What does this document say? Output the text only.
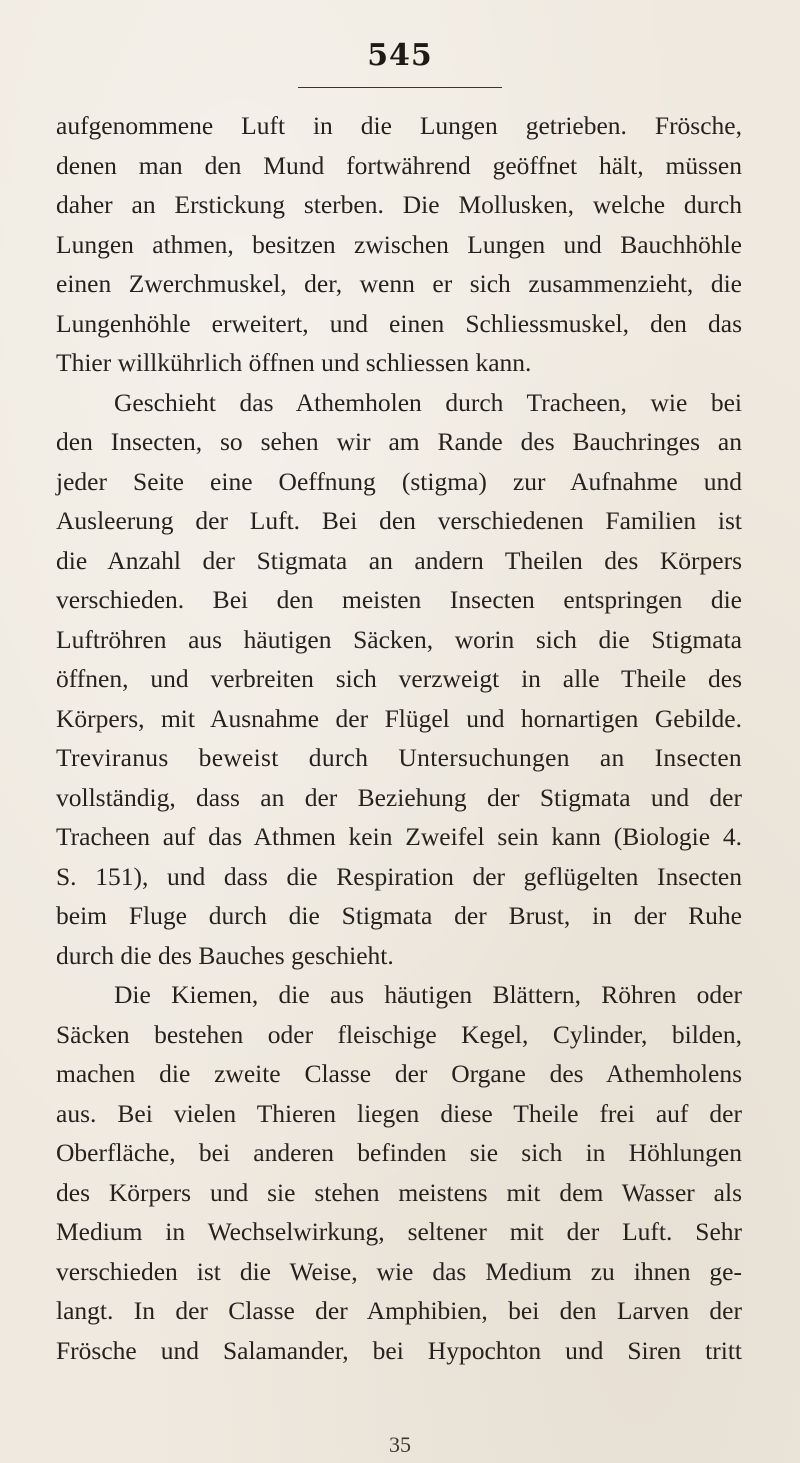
545
aufgenommene Luft in die Lungen getrieben. Frösche,
denen man den Mund fortwährend geöffnet hält, müssen
daher an Erstickung sterben. Die Mollusken, welche durch
Lungen athmen, besitzen zwischen Lungen und Bauchhöhle
einen Zwerchmuskel, der, wenn er sich zusammenzieht, die
Lungenhöhle erweitert, und einen Schliessmuskel, den das
Thier willkührlich öffnen und schliessen kann.
Geschieht das Athemholen durch Tracheen, wie bei
den Insecten, so sehen wir am Rande des Bauchringes an
jeder Seite eine Oeffnung (stigma) zur Aufnahme und
Ausleerung der Luft. Bei den verschiedenen Familien ist
die Anzahl der Stigmata an andern Theilen des Körpers
verschieden. Bei den meisten Insecten entspringen die
Luftröhren aus häutigen Säcken, worin sich die Stigmata
öffnen, und verbreiten sich verzweigt in alle Theile des
Körpers, mit Ausnahme der Flügel und hornartigen Gebilde.
Treviranus beweist durch Untersuchungen an Insecten
vollständig, dass an der Beziehung der Stigmata und der
Tracheen auf das Athmen kein Zweifel sein kann (Biologie 4.
S. 151), und dass die Respiration der geflügelten Insecten
beim Fluge durch die Stigmata der Brust, in der Ruhe
durch die des Bauches geschieht.
Die Kiemen, die aus häutigen Blättern, Röhren oder
Säcken bestehen oder fleischige Kegel, Cylinder, bilden,
machen die zweite Classe der Organe des Athemholens
aus. Bei vielen Thieren liegen diese Theile frei auf der
Oberfläche, bei anderen befinden sie sich in Höhlungen
des Körpers und sie stehen meistens mit dem Wasser als
Medium in Wechselwirkung, seltener mit der Luft. Sehr
verschieden ist die Weise, wie das Medium zu ihnen ge-
langt. In der Classe der Amphibien, bei den Larven der
Frösche und Salamander, bei Hypochton und Siren tritt
35
